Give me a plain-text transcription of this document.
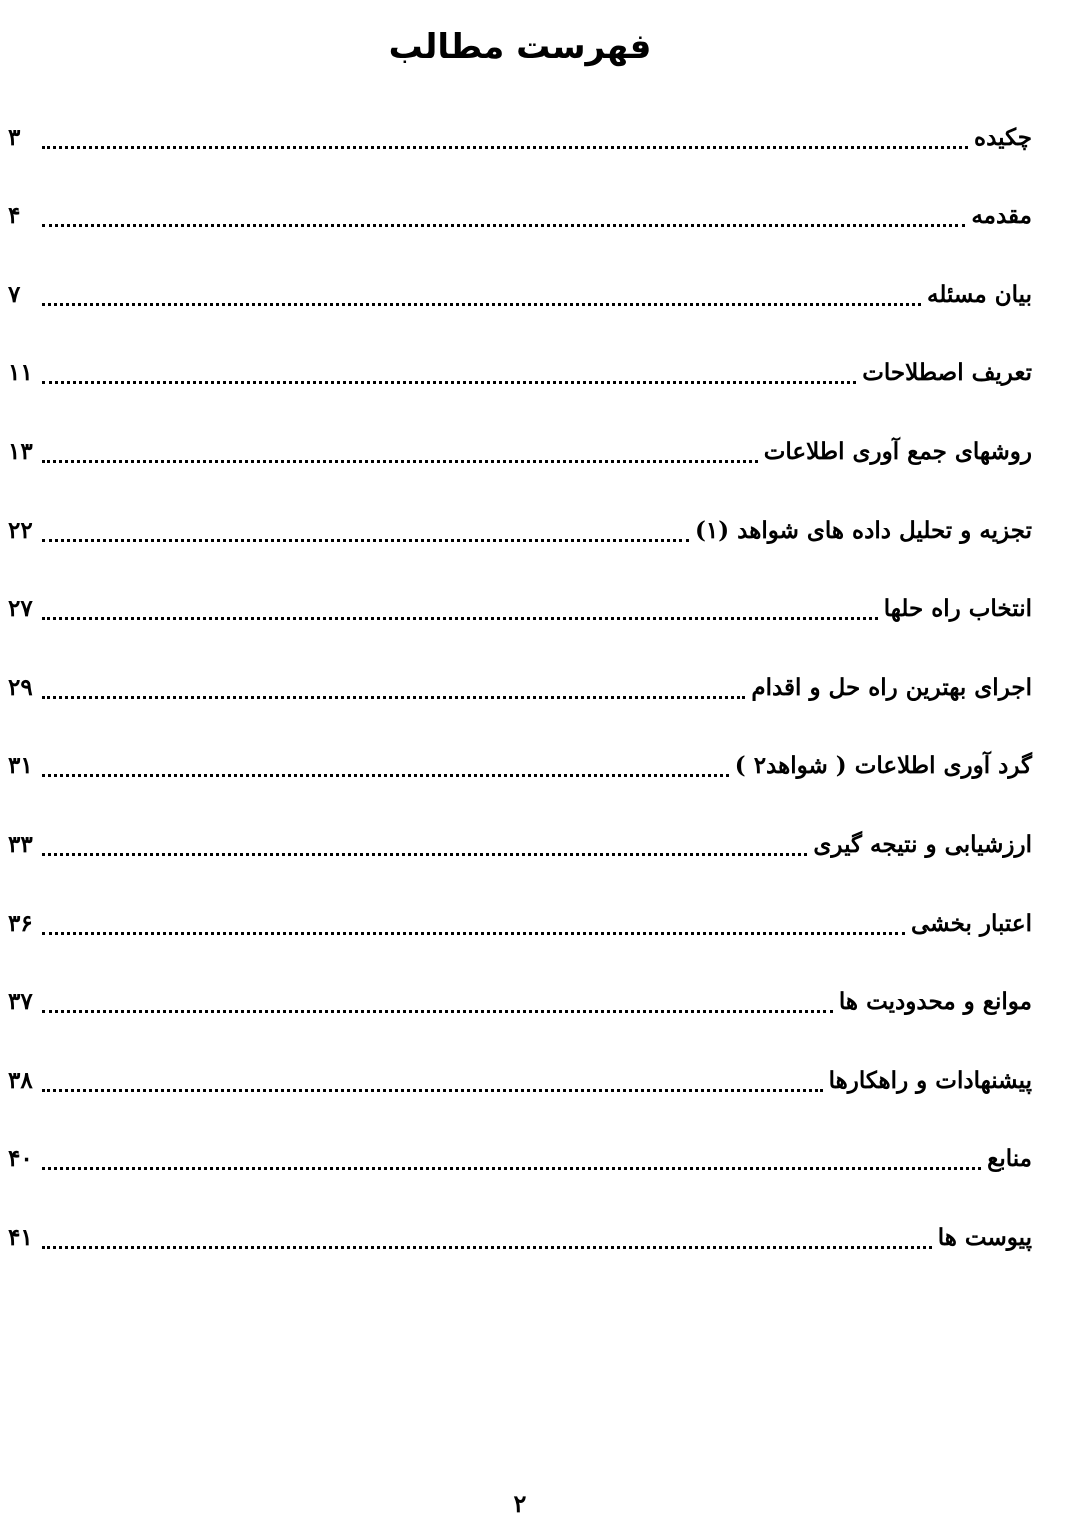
فهرست مطالب
چکیده
۳
مقدمه
۴
بیان مسئله
۷
تعریف اصطلاحات
۱۱
روشهای جمع آوری اطلاعات
۱۳
تجزیه و تحلیل داده های شواهد (۱)
۲۲
انتخاب راه حلها
۲۷
اجرای بهترین راه حل و اقدام
۲۹
گرد آوری اطلاعات ( شواهد۲ )
۳۱
ارزشیابی و نتیجه گیری
۳۳
اعتبار بخشی
۳۶
موانع و محدودیت ها
۳۷
پیشنهادات و راهکارها
۳۸
منابع
۴۰
پیوست ها
۴۱
۲
